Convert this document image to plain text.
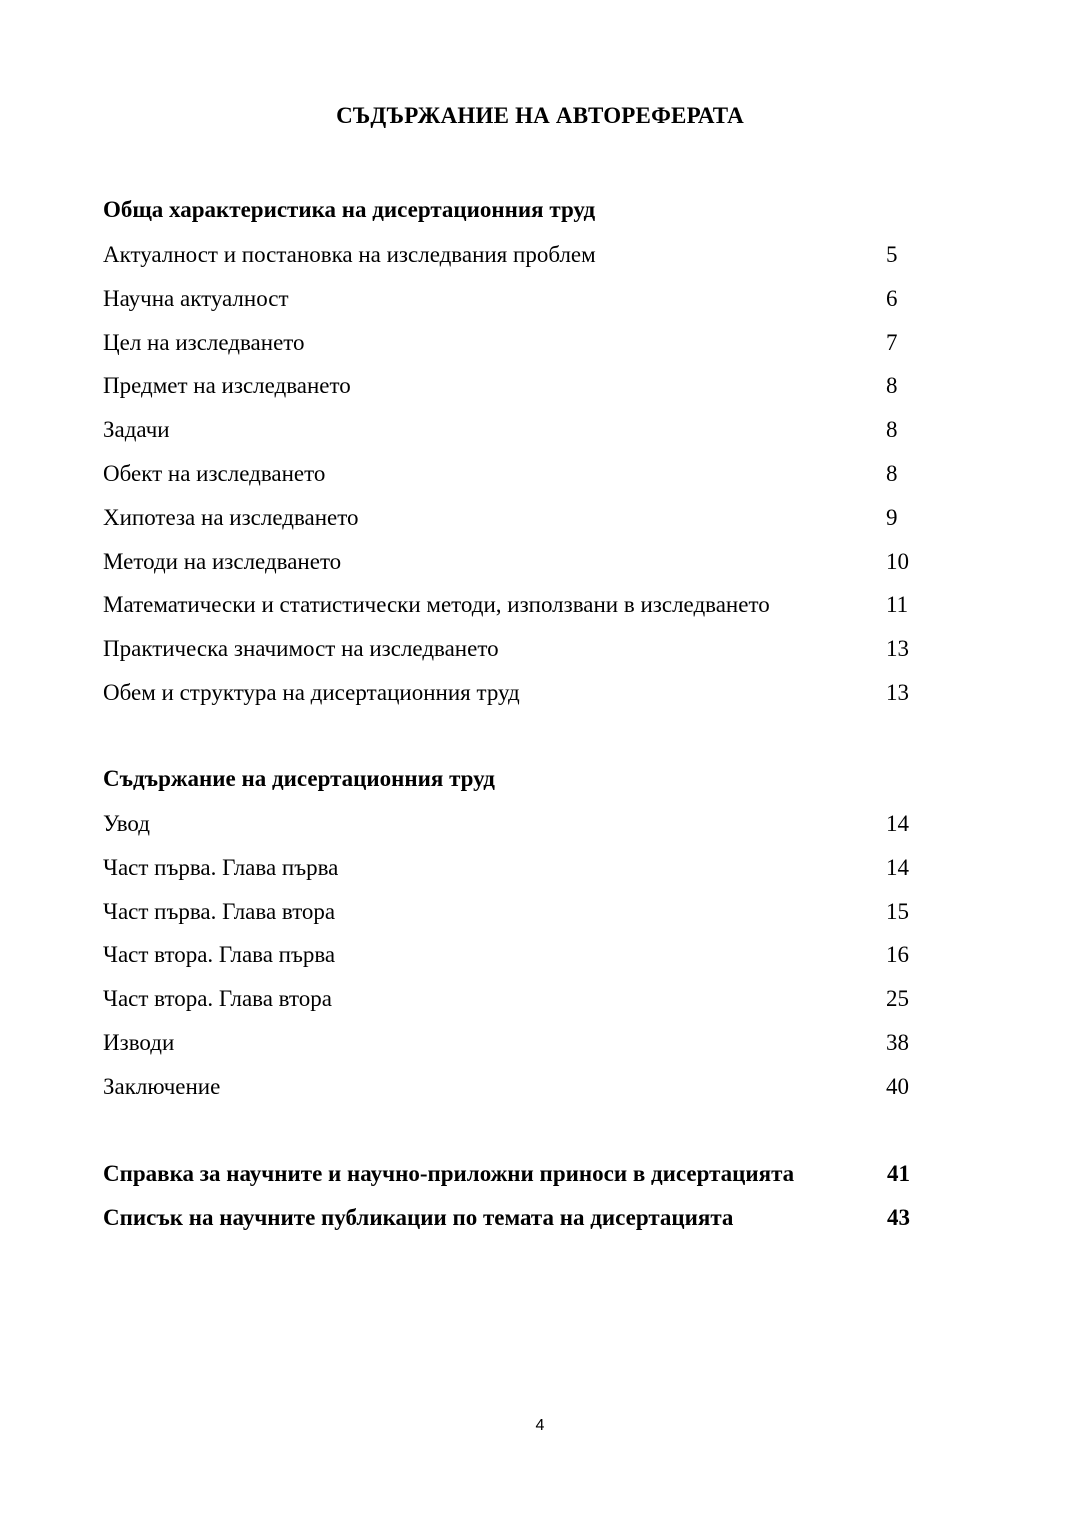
СЪДЪРЖАНИЕ НА АВТОРЕФЕРАТА
Обща характеристика на дисертационния труд
Актуалност и постановка на изследвания проблем	5
Научна актуалност	6
Цел на изследването	7
Предмет на изследването	8
Задачи	8
Обект на изследването	8
Хипотеза на изследването	9
Методи на изследването	10
Математически и статистически методи, използвани в изследването	11
Практическа значимост на изследването	13
Обем и структура на дисертационния труд	13
Съдържание на дисертационния труд
Увод	14
Част първа. Глава първа	14
Част първа. Глава втора	15
Част втора. Глава първа	16
Част втора. Глава втора	25
Изводи	38
Заключение	40
Справка за научните и научно-приложни приноси в дисертацията	41
Списък на научните публикации по темата на дисертацията	43
4
